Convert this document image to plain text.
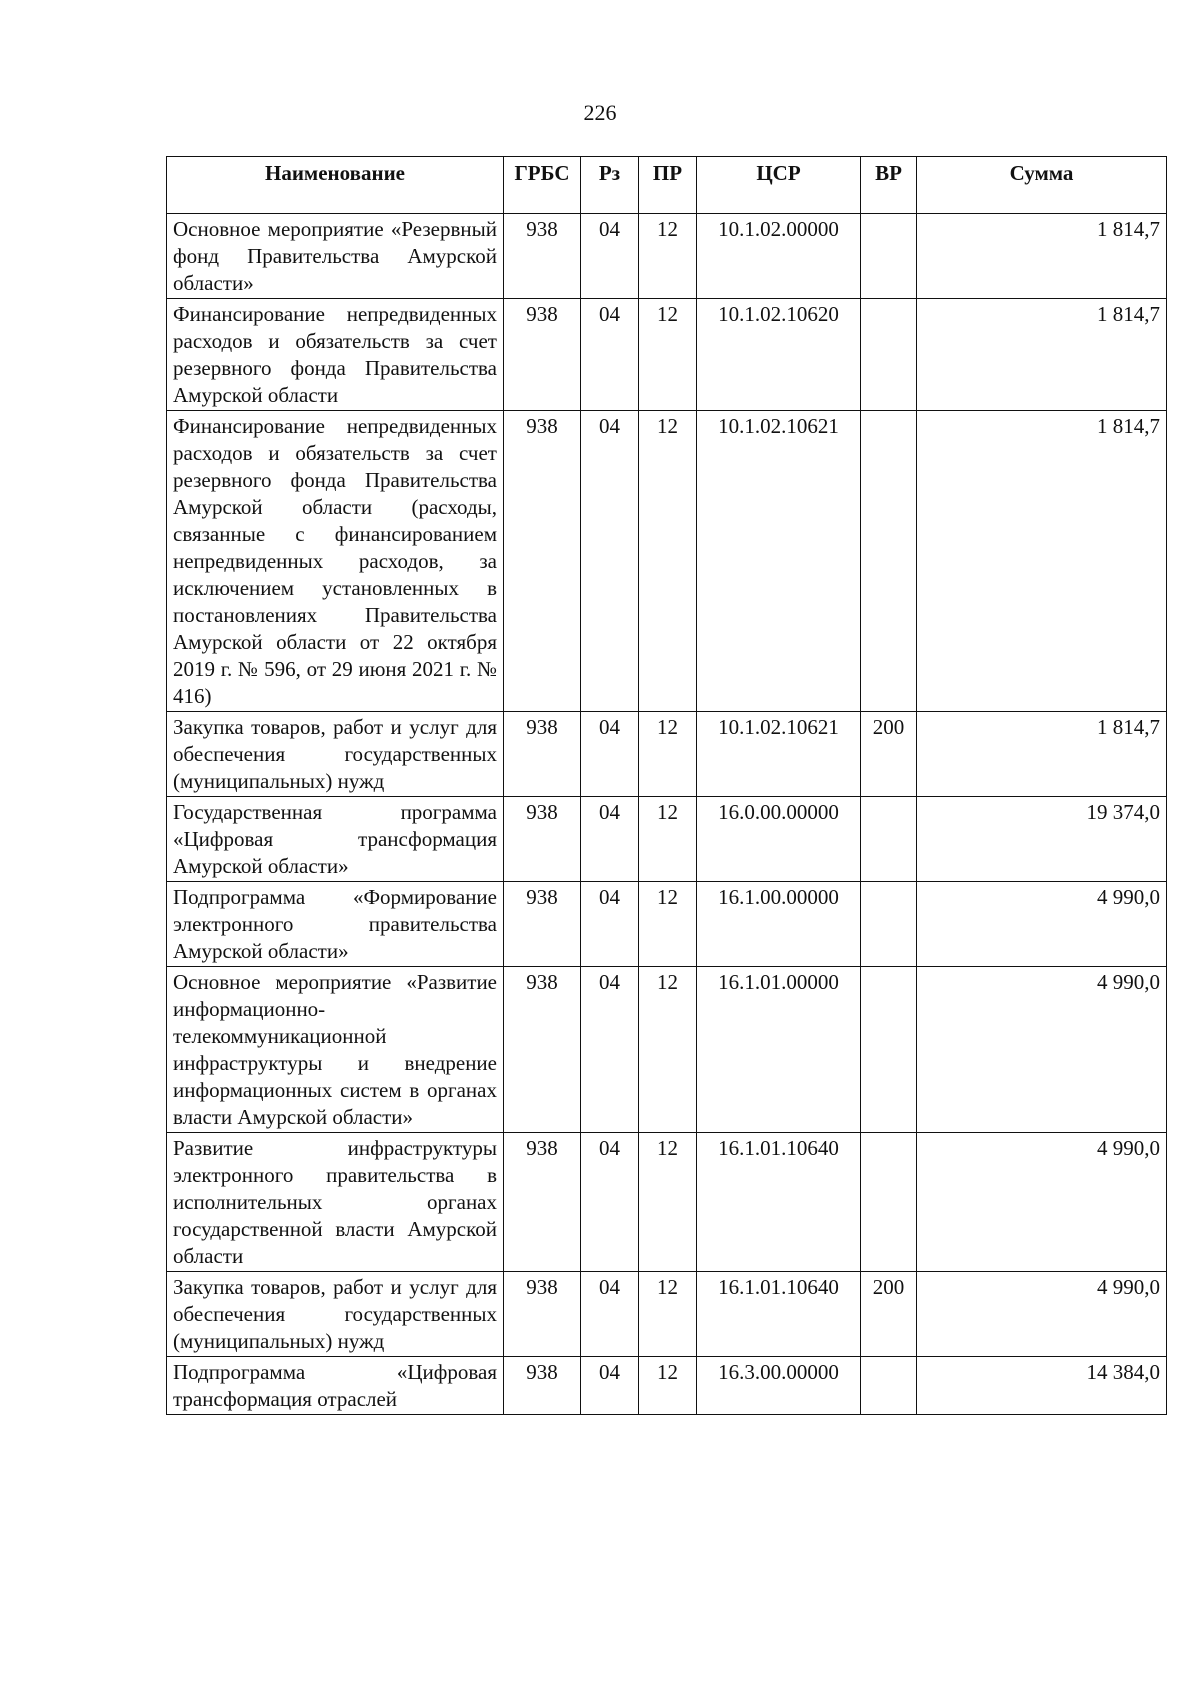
226
Наименование	ГРБС	Рз	ПР	ЦСР	ВР	Сумма
Основное мероприятие «Резервный фонд Правительства Амурской области»	938	04	12	10.1.02.00000		1 814,7
Финансирование непредвиденных расходов и обязательств за счет резервного фонда Правительства Амурской области	938	04	12	10.1.02.10620		1 814,7
Финансирование непредвиденных расходов и обязательств за счет резервного фонда Правительства Амурской области (расходы, связанные с финансированием непредвиденных расходов, за исключением установленных в постановлениях Правительства Амурской области от 22 октября 2019 г. № 596, от 29 июня 2021 г. № 416)	938	04	12	10.1.02.10621		1 814,7
Закупка товаров, работ и услуг для обеспечения государственных (муниципальных) нужд	938	04	12	10.1.02.10621	200	1 814,7
Государственная программа «Цифровая трансформация Амурской области»	938	04	12	16.0.00.00000		19 374,0
Подпрограмма «Формирование электронного правительства Амурской области»	938	04	12	16.1.00.00000		4 990,0
Основное мероприятие «Развитие информационно-телекоммуникационной инфраструктуры и внедрение информационных систем в органах власти Амурской области»	938	04	12	16.1.01.00000		4 990,0
Развитие инфраструктуры электронного правительства в исполнительных органах государственной власти Амурской области	938	04	12	16.1.01.10640		4 990,0
Закупка товаров, работ и услуг для обеспечения государственных (муниципальных) нужд	938	04	12	16.1.01.10640	200	4 990,0
Подпрограмма «Цифровая трансформация отраслей	938	04	12	16.3.00.00000		14 384,0
